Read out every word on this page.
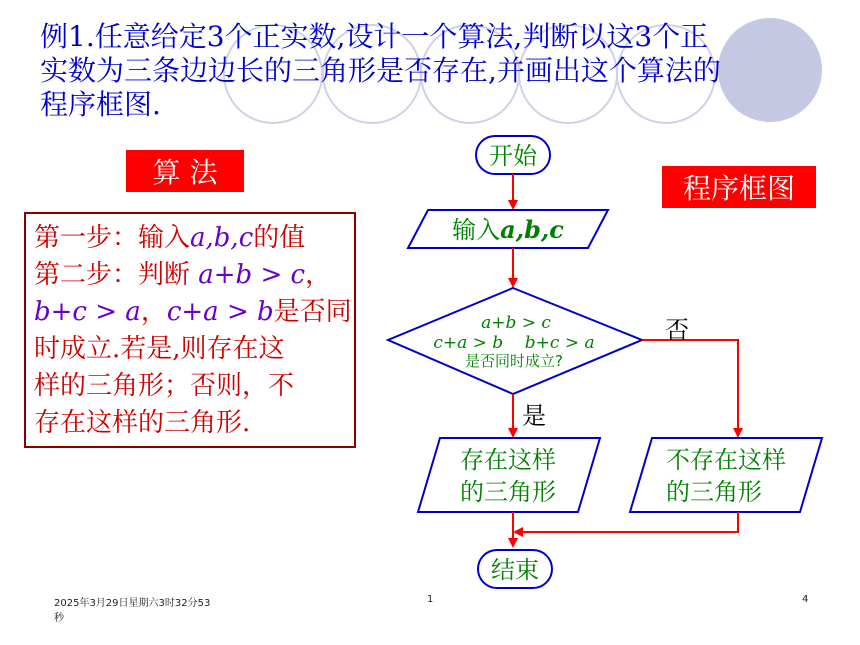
例1.任意给定3个正实数,设计一个算法,判断以这3个正
实数为三条边边长的三角形是否存在,并画出这个算法的
程序框图.
算 法	程序框图
第一步：输入a,b,c的值
第二步：判断 a+b > c，
b+c > a，c+a > b是否同
时成立.若是,则存在这
样的三角形；否则，不
存在这样的三角形.
开始
输入a,b,c
a+b > c
c+a > b    b+c > a
是否同时成立?
否
是
存在这样
的三角形
不存在这样
的三角形
结束
2025年3月29日星期六3时32分53
秒
1	4
